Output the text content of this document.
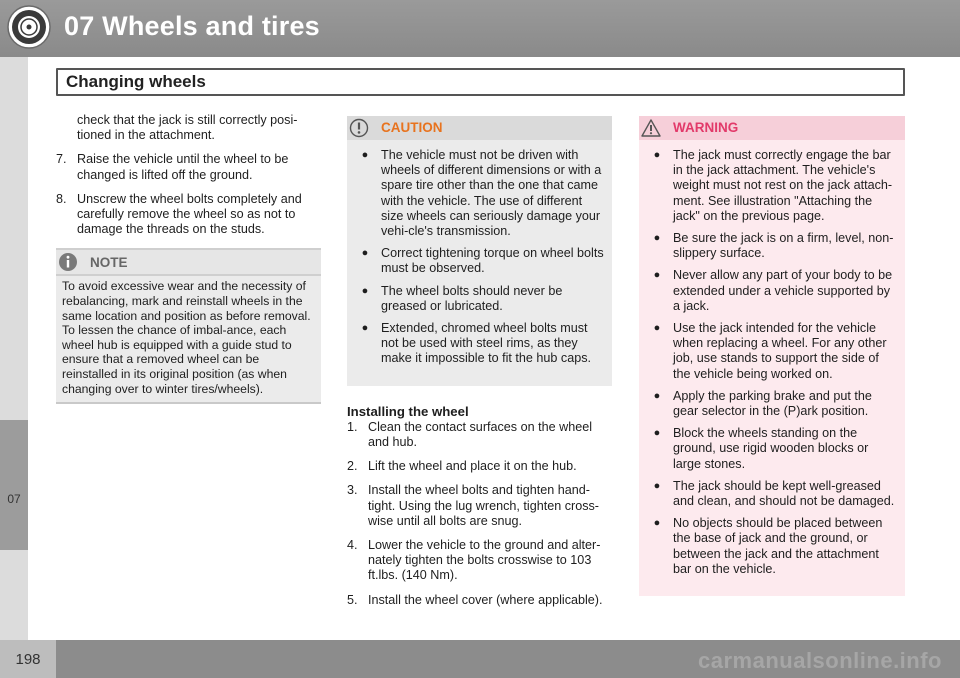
07 Wheels and tires
Changing wheels
07

check that the jack is still correctly posi-tioned in the attachment.

7. Raise the vehicle until the wheel to be changed is lifted off the ground.
8. Unscrew the wheel bolts completely and carefully remove the wheel so as not to damage the threads on the studs.
NOTE

To avoid excessive wear and the necessity of rebalancing, mark and reinstall wheels in the same location and position as before removal. To lessen the chance of imbal-ance, each wheel hub is equipped with a guide stud to ensure that a removed wheel can be reinstalled in its original position (as when changing over to winter tires/wheels).

CAUTION
●	The vehicle must not be driven with wheels of different dimensions or with a spare tire other than the one that came with the vehicle. The use of different size wheels can seriously damage your vehi-cle's transmission.
●	Correct tightening torque on wheel bolts must be observed.
●	The wheel bolts should never be greased or lubricated.
●	Extended, chromed wheel bolts must not be used with steel rims, as they make it impossible to fit the hub caps.

Installing the wheel

1. Clean the contact surfaces on the wheel and hub.
2. Lift the wheel and place it on the hub.
3. Install the wheel bolts and tighten hand-tight. Using the lug wrench, tighten cross-wise until all bolts are snug.
4. Lower the vehicle to the ground and alter-nately tighten the bolts crosswise to 103 ft.lbs. (140 Nm).
5. Install the wheel cover (where applicable).
WARNING
●	The jack must correctly engage the bar in the jack attachment. The vehicle's weight must not rest on the jack attach-ment. See illustration "Attaching the jack" on the previous page.
●	Be sure the jack is on a firm, level, non-slippery surface.
●	Never allow any part of your body to be extended under a vehicle supported by a jack.
●	Use the jack intended for the vehicle when replacing a wheel. For any other job, use stands to support the side of the vehicle being worked on.
●	Apply the parking brake and put the gear selector in the (P)ark position.
●	Block the wheels standing on the ground, use rigid wooden blocks or large stones.
●	The jack should be kept well-greased and clean, and should not be damaged.
●	No objects should be placed between the base of jack and the ground, or between the jack and the attachment bar on the vehicle.
198	carmanualsonline.info
